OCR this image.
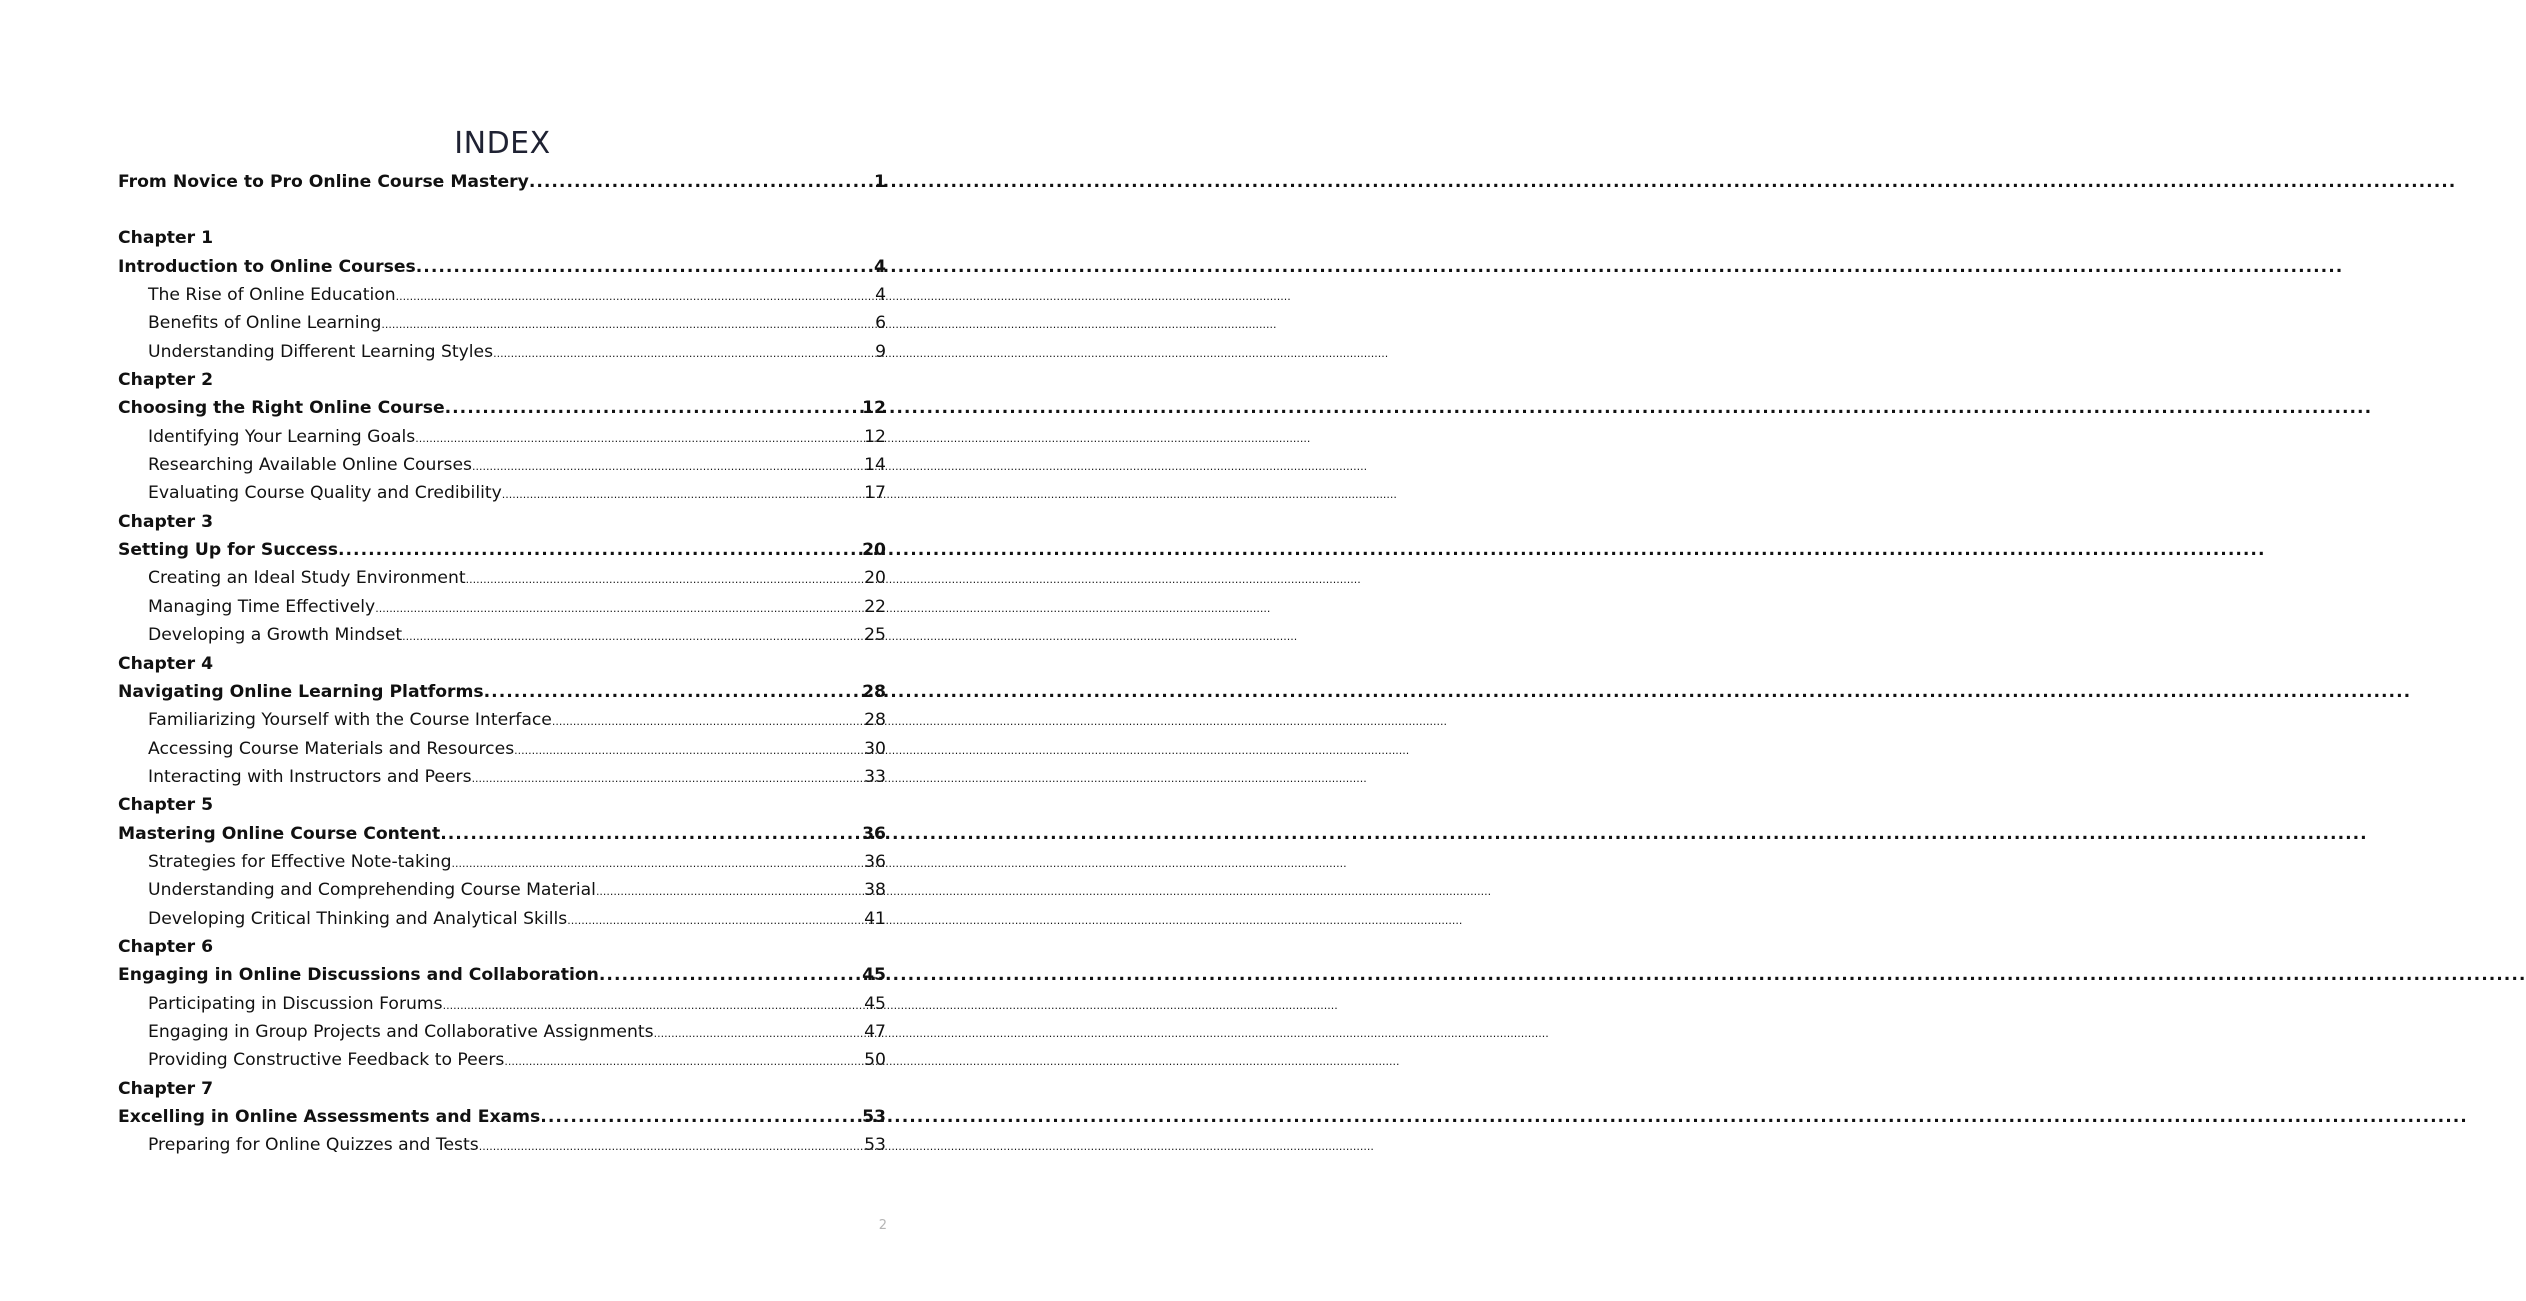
INDEX
From Novice to Pro Online Course Mastery .....	1
Chapter 1
Introduction to Online Courses .....	4
The Rise of Online Education .....	4
Benefits of Online Learning .....	6
Understanding Different Learning Styles .....	9
Chapter 2
Choosing the Right Online Course .....	12
Identifying Your Learning Goals .....	12
Researching Available Online Courses .....	14
Evaluating Course Quality and Credibility .....	17
Chapter 3
Setting Up for Success .....	20
Creating an Ideal Study Environment .....	20
Managing Time Effectively .....	22
Developing a Growth Mindset .....	25
Chapter 4
Navigating Online Learning Platforms .....	28
Familiarizing Yourself with the Course Interface .....	28
Accessing Course Materials and Resources .....	30
Interacting with Instructors and Peers .....	33
Chapter 5
Mastering Online Course Content .....	36
Strategies for Effective Note-taking .....	36
Understanding and Comprehending Course Material .....	38
Developing Critical Thinking and Analytical Skills .....	41
Chapter 6
Engaging in Online Discussions and Collaboration .....	45
Participating in Discussion Forums .....	45
Engaging in Group Projects and Collaborative Assignments .....	47
Providing Constructive Feedback to Peers .....	50
Chapter 7
Excelling in Online Assessments and Exams .....	53
Preparing for Online Quizzes and Tests .....	53
2
